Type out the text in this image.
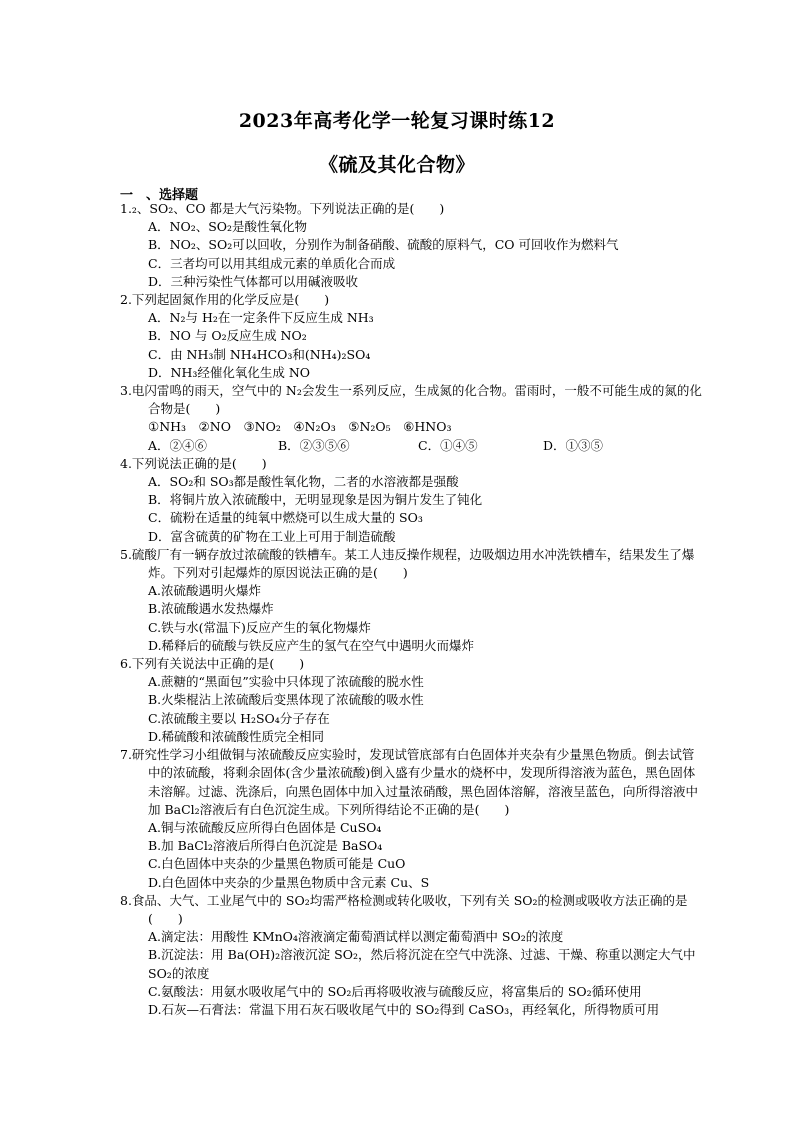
2023年高考化学一轮复习课时练12
《硫及其化合物》
一　、选择题
1.₂、SO₂、CO 都是大气污染物。下列说法正确的是(　　)
A．NO₂、SO₂是酸性氧化物
B．NO₂、SO₂可以回收，分别作为制备硝酸、硫酸的原料气，CO 可回收作为燃料气
C．三者均可以用其组成元素的单质化合而成
D．三种污染性气体都可以用碱液吸收
2.下列起固氮作用的化学反应是(　　)
A．N₂与 H₂在一定条件下反应生成 NH₃
B．NO 与 O₂反应生成 NO₂
C．由 NH₃制 NH₄HCO₃和(NH₄)₂SO₄
D．NH₃经催化氧化生成 NO
3.电闪雷鸣的雨天，空气中的 N₂会发生一系列反应，生成氮的化合物。雷雨时，一般不可能生成的氮的化合物是(　　)
①NH₃　②NO　③NO₂　④N₂O₃　⑤N₂O₅　⑥HNO₃
A．②④⑥	B．②③⑤⑥	C．①④⑤	D．①③⑤
4.下列说法正确的是(　　)
A．SO₂和 SO₃都是酸性氧化物，二者的水溶液都是强酸
B．将铜片放入浓硫酸中，无明显现象是因为铜片发生了钝化
C．硫粉在适量的纯氧中燃烧可以生成大量的 SO₃
D．富含硫黄的矿物在工业上可用于制造硫酸
5.硫酸厂有一辆存放过浓硫酸的铁槽车。某工人违反操作规程，边吸烟边用水冲洗铁槽车，结果发生了爆炸。下列对引起爆炸的原因说法正确的是(　　)
A.浓硫酸遇明火爆炸
B.浓硫酸遇水发热爆炸
C.铁与水(常温下)反应产生的氧化物爆炸
D.稀释后的硫酸与铁反应产生的氢气在空气中遇明火而爆炸
6.下列有关说法中正确的是(　　)
A.蔗糖的“黑面包”实验中只体现了浓硫酸的脱水性
B.火柴棍沾上浓硫酸后变黑体现了浓硫酸的吸水性
C.浓硫酸主要以 H₂SO₄分子存在
D.稀硫酸和浓硫酸性质完全相同
7.研究性学习小组做铜与浓硫酸反应实验时，发现试管底部有白色固体并夹杂有少量黑色物质。倒去试管中的浓硫酸，将剩余固体(含少量浓硫酸)倒入盛有少量水的烧杯中，发现所得溶液为蓝色，黑色固体未溶解。过滤、洗涤后，向黑色固体中加入过量浓硝酸，黑色固体溶解，溶液呈蓝色，向所得溶液中加 BaCl₂溶液后有白色沉淀生成。下列所得结论不正确的是(　　)
A.铜与浓硫酸反应所得白色固体是 CuSO₄
B.加 BaCl₂溶液后所得白色沉淀是 BaSO₄
C.白色固体中夹杂的少量黑色物质可能是 CuO
D.白色固体中夹杂的少量黑色物质中含元素 Cu、S
8.食品、大气、工业尾气中的 SO₂均需严格检测或转化吸收，下列有关 SO₂的检测或吸收方法正确的是(　　)
A.滴定法：用酸性 KMnO₄溶液滴定葡萄酒试样以测定葡萄酒中 SO₂的浓度
B.沉淀法：用 Ba(OH)₂溶液沉淀 SO₂，然后将沉淀在空气中洗涤、过滤、干燥、称重以测定大气中 SO₂的浓度
C.氨酸法：用氨水吸收尾气中的 SO₂后再将吸收液与硫酸反应，将富集后的 SO₂循环使用
D.石灰—石膏法：常温下用石灰石吸收尾气中的 SO₂得到 CaSO₃，再经氧化，所得物质可用
